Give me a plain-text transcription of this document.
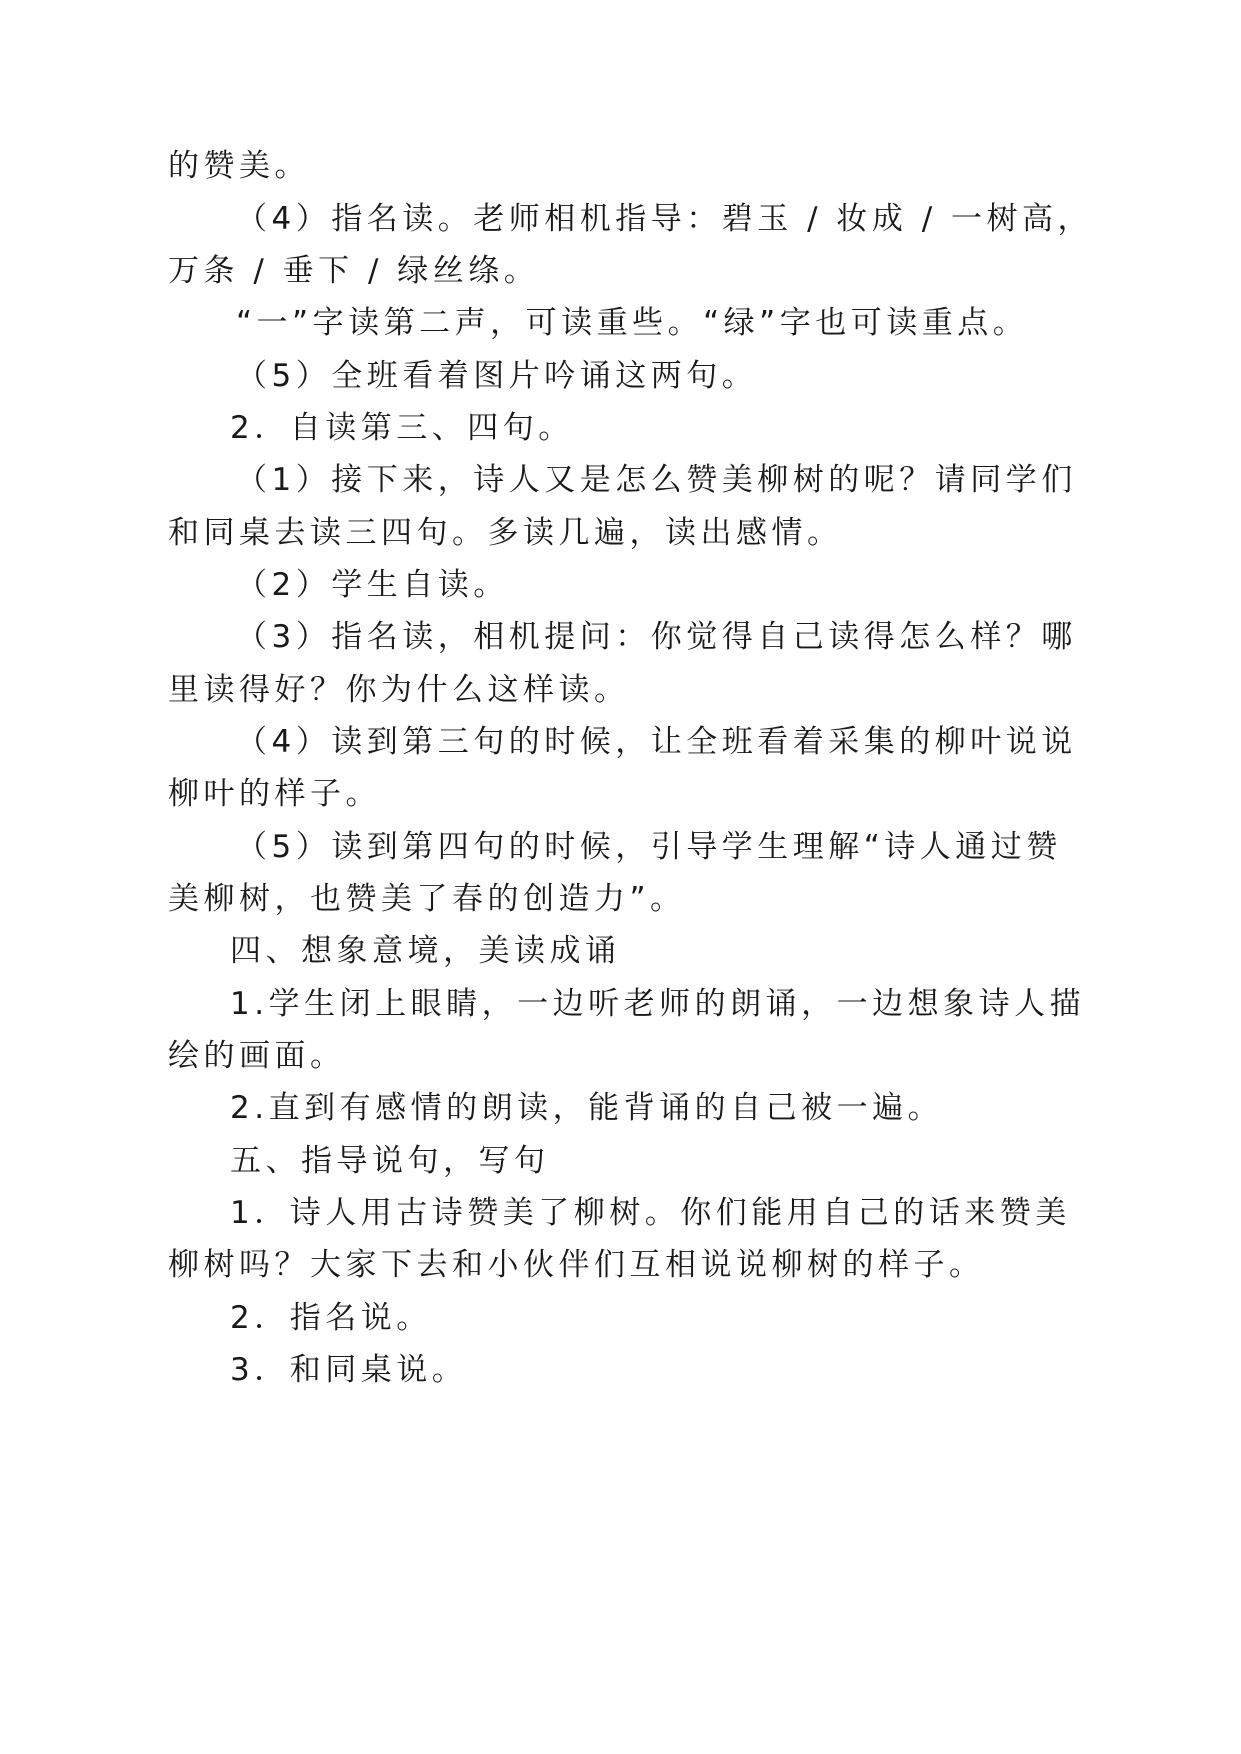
的赞美。
（4）指名读。老师相机指导：碧玉 / 妆成 / 一树高，
万条 / 垂下 / 绿丝绦。
“一”字读第二声，可读重些。“绿”字也可读重点。
（5）全班看着图片吟诵这两句。
2．自读第三、四句。
（1）接下来，诗人又是怎么赞美柳树的呢？请同学们
和同桌去读三四句。多读几遍，读出感情。
（2）学生自读。
（3）指名读，相机提问：你觉得自己读得怎么样？哪
里读得好？你为什么这样读。
（4）读到第三句的时候，让全班看着采集的柳叶说说
柳叶的样子。
（5）读到第四句的时候，引导学生理解“诗人通过赞
美柳树，也赞美了春的创造力”。
四、想象意境，美读成诵
1.学生闭上眼睛，一边听老师的朗诵，一边想象诗人描
绘的画面。
2.直到有感情的朗读，能背诵的自己被一遍。
五、指导说句，写句
1．诗人用古诗赞美了柳树。你们能用自己的话来赞美
柳树吗？大家下去和小伙伴们互相说说柳树的样子。
2．指名说。
3．和同桌说。
